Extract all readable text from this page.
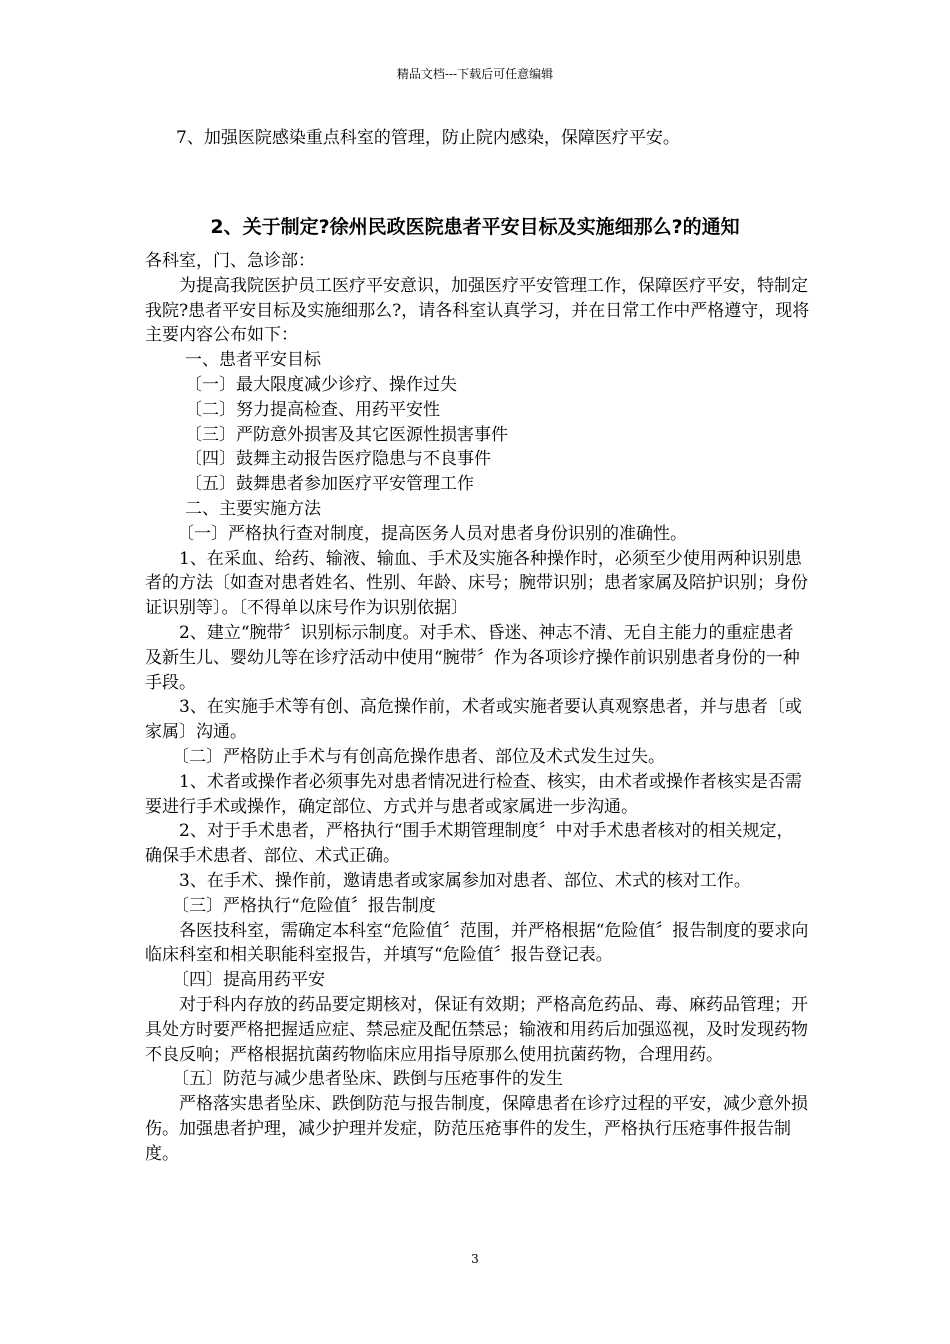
精品文档---下载后可任意编辑
7、加强医院感染重点科室的管理，防止院内感染，保障医疗平安。
2、关于制定?徐州民政医院患者平安目标及实施细那么?的通知

各科室，门、急诊部：

为提高我院医护员工医疗平安意识，加强医疗平安管理工作，保障医疗平安，特制定我院?患者平安目标及实施细那么?，请各科室认真学习，并在日常工作中严格遵守，现将主要内容公布如下：

一、患者平安目标

〔一〕最大限度减少诊疗、操作过失

〔二〕努力提高检查、用药平安性

〔三〕严防意外损害及其它医源性损害事件

〔四〕鼓舞主动报告医疗隐患与不良事件

〔五〕鼓舞患者参加医疗平安管理工作

二、主要实施方法

〔一〕严格执行查对制度，提高医务人员对患者身份识别的准确性。

1、在采血、给药、输液、输血、手术及实施各种操作时，必须至少使用两种识别患者的方法〔如查对患者姓名、性别、年龄、床号；腕带识别；患者家属及陪护识别；身份证识别等〕。〔不得单以床号作为识别依据〕

2、建立“腕带〞识别标示制度。对手术、昏迷、神志不清、无自主能力的重症患者及新生儿、婴幼儿等在诊疗活动中使用“腕带〞作为各项诊疗操作前识别患者身份的一种手段。

3、在实施手术等有创、高危操作前，术者或实施者要认真观察患者，并与患者〔或家属〕沟通。

〔二〕严格防止手术与有创高危操作患者、部位及术式发生过失。

1、术者或操作者必须事先对患者情况进行检查、核实，由术者或操作者核实是否需要进行手术或操作，确定部位、方式并与患者或家属进一步沟通。

2、对于手术患者，严格执行“围手术期管理制度〞中对手术患者核对的相关规定，确保手术患者、部位、术式正确。

3、在手术、操作前，邀请患者或家属参加对患者、部位、术式的核对工作。

〔三〕严格执行“危险值〞报告制度

各医技科室，需确定本科室“危险值〞范围，并严格根据“危险值〞报告制度的要求向临床科室和相关职能科室报告，并填写“危险值〞报告登记表。

〔四〕提高用药平安

对于科内存放的药品要定期核对，保证有效期；严格高危药品、毒、麻药品管理；开具处方时要严格把握适应症、禁忌症及配伍禁忌；输液和用药后加强巡视，及时发现药物不良反响；严格根据抗菌药物临床应用指导原那么使用抗菌药物，合理用药。

〔五〕防范与减少患者坠床、跌倒与压疮事件的发生

严格落实患者坠床、跌倒防范与报告制度，保障患者在诊疗过程的平安，减少意外损伤。加强患者护理，减少护理并发症，防范压疮事件的发生，严格执行压疮事件报告制度。

3
